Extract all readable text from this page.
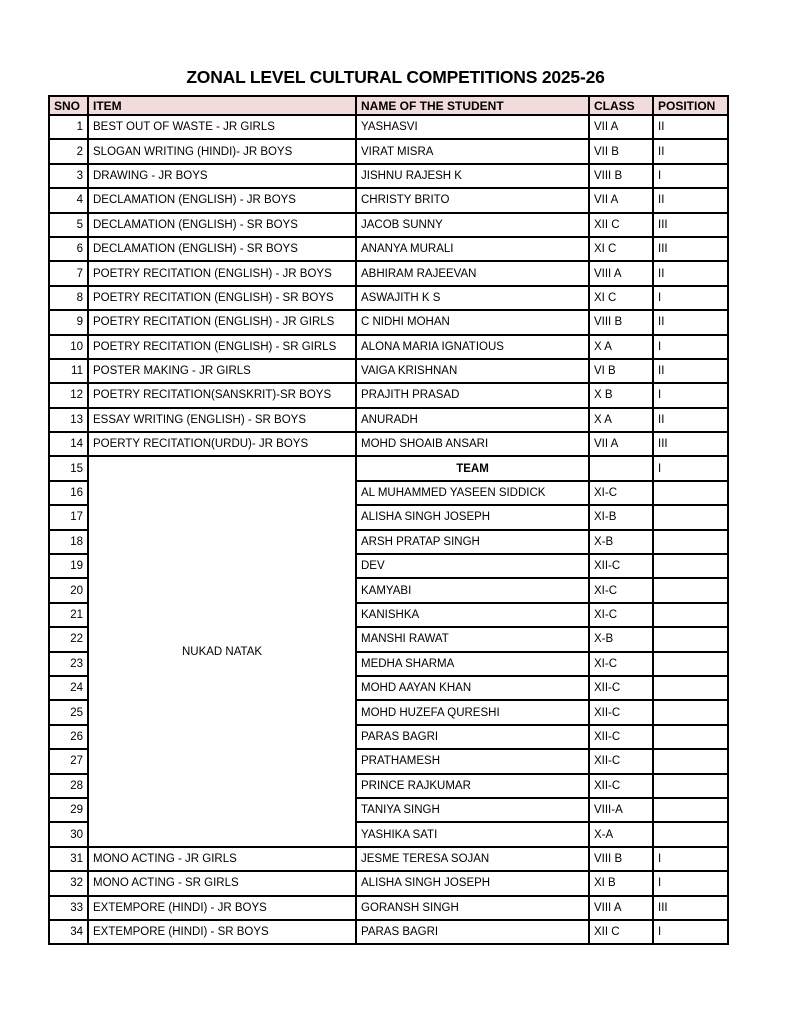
ZONAL LEVEL CULTURAL COMPETITIONS 2025-26
SNO	ITEM	NAME OF THE STUDENT	CLASS	POSITION
1	BEST OUT OF WASTE - JR GIRLS	YASHASVI	VII A	II
2	SLOGAN WRITING (HINDI)- JR BOYS	VIRAT MISRA	VII B	II
3	DRAWING - JR BOYS	JISHNU RAJESH K	VIII B	I
4	DECLAMATION (ENGLISH) - JR BOYS	CHRISTY BRITO	VII A	II
5	DECLAMATION (ENGLISH) - SR BOYS	JACOB SUNNY	XII C	III
6	DECLAMATION (ENGLISH) - SR BOYS	ANANYA MURALI	XI C	III
7	POETRY RECITATION (ENGLISH) - JR BOYS	ABHIRAM RAJEEVAN	VIII A	II
8	POETRY RECITATION (ENGLISH) - SR BOYS	ASWAJITH K S	XI C	I
9	POETRY RECITATION (ENGLISH) - JR GIRLS	C NIDHI MOHAN	VIII B	II
10	POETRY RECITATION (ENGLISH) - SR GIRLS	ALONA MARIA IGNATIOUS	X A	I
11	POSTER MAKING - JR GIRLS	VAIGA KRISHNAN	VI B	II
12	POETRY RECITATION(SANSKRIT)-SR BOYS	PRAJITH PRASAD	X B	I
13	ESSAY WRITING (ENGLISH) - SR BOYS	ANURADH	X A	II
14	POERTY RECITATION(URDU)- JR BOYS	MOHD SHOAIB ANSARI	VII A	III
15	NUKAD NATAK	TEAM		I
16		AL MUHAMMED YASEEN SIDDICK	XI-C	
17		ALISHA SINGH JOSEPH	XI-B	
18		ARSH PRATAP SINGH	X-B	
19		DEV	XII-C	
20		KAMYABI	XI-C	
21		KANISHKA	XI-C	
22		MANSHI RAWAT	X-B	
23		MEDHA SHARMA	XI-C	
24		MOHD AAYAN KHAN	XII-C	
25		MOHD HUZEFA QURESHI	XII-C	
26		PARAS BAGRI	XII-C	
27		PRATHAMESH	XII-C	
28		PRINCE RAJKUMAR	XII-C	
29		TANIYA SINGH	VIII-A	
30		YASHIKA SATI	X-A	
31	MONO ACTING - JR GIRLS	JESME TERESA SOJAN	VIII B	I
32	MONO ACTING - SR GIRLS	ALISHA SINGH JOSEPH	XI B	I
33	EXTEMPORE (HINDI) - JR BOYS	GORANSH SINGH	VIII A	III
34	EXTEMPORE (HINDI) - SR BOYS	PARAS BAGRI	XII C	I
